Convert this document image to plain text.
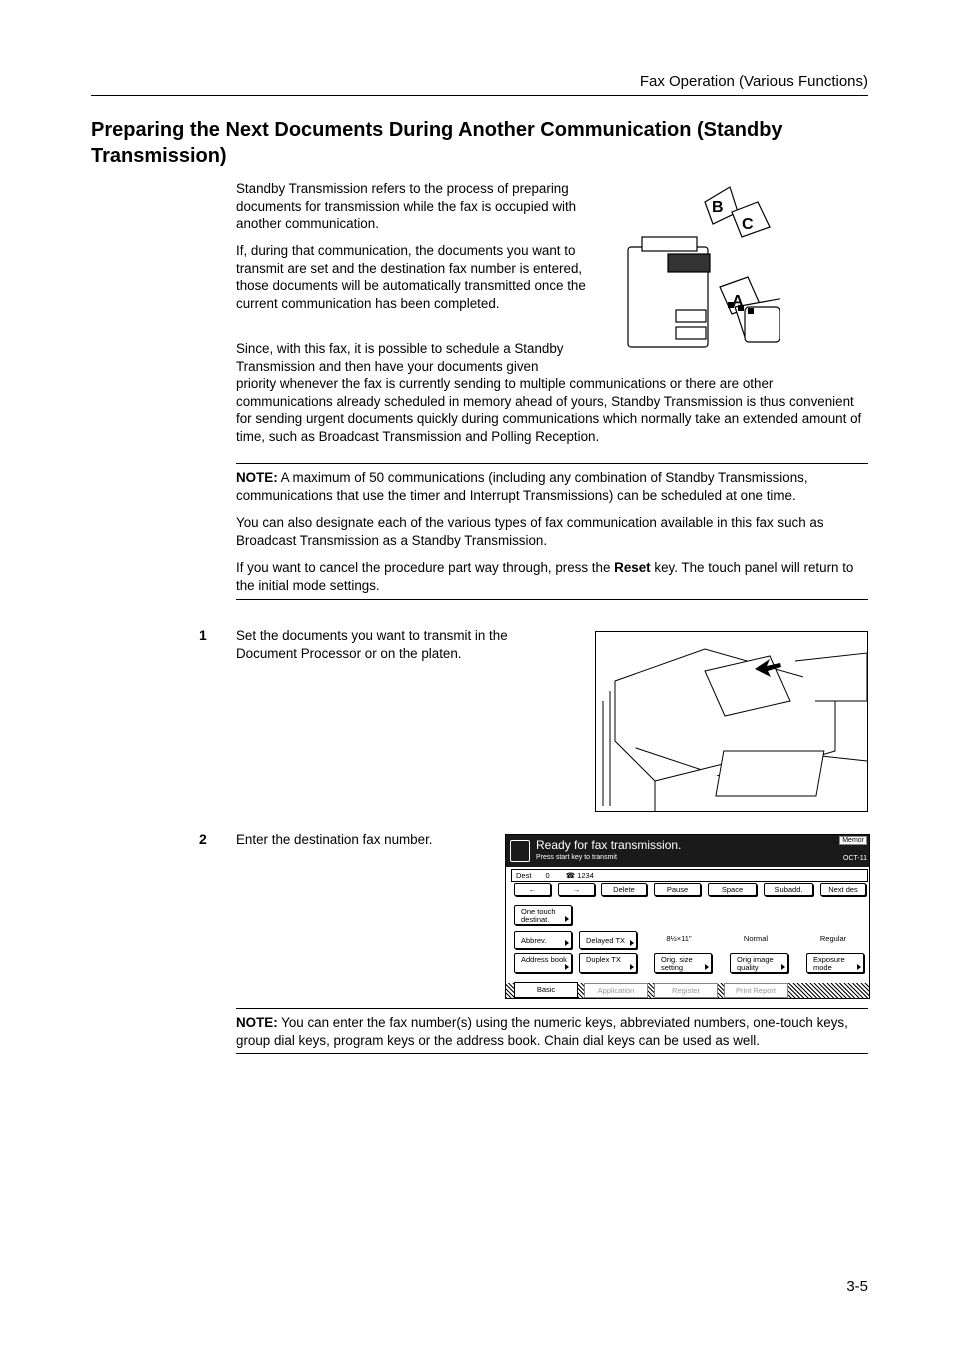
Fax Operation (Various Functions)
Preparing the Next Documents During Another Communication (Standby Transmission)
Standby Transmission refers to the process of preparing documents for transmission while the fax is occupied with another communication.
If, during that communication, the documents you want to transmit are set and the destination fax number is entered, those documents will be automatically transmitted once the current communication has been completed.
Since, with this fax, it is possible to schedule a Standby Transmission and then have your documents given
priority whenever the fax is currently sending to multiple communications or there are other communications already scheduled in memory ahead of yours, Standby Transmission is thus convenient for sending urgent documents quickly during communications which normally take an extended amount of time, such as Broadcast Transmission and Polling Reception.
B
C
A
NOTE: A maximum of 50 communications (including any combination of Standby Transmissions, communications that use the timer and Interrupt Transmissions) can be scheduled at one time.
You can also designate each of the various types of fax communication available in this fax such as Broadcast Transmission as a Standby Transmission.
If you want to cancel the procedure part way through, press the Reset key. The touch panel will return to the initial mode settings.
1 Set the documents you want to transmit in the Document Processor or on the platen.
2 Enter the destination fax number.	Ready for fax transmission.
Press start key to transmit
Memor
OCT-11
Dest 0 ☎ 1234
←	→	Delete	Pause	Space	Subadd.	Next des
One touch destinat.
Abbrev.	Delayed TX	8½×11"	Normal	Regular
Address book	Duplex TX	Orig. size setting
Orig image quality
Exposure mode
Basic	Application	Register	Print Report
NOTE: You can enter the fax number(s) using the numeric keys, abbreviated numbers, one-touch keys, group dial keys, program keys or the address book. Chain dial keys can be used as well.
3-5
